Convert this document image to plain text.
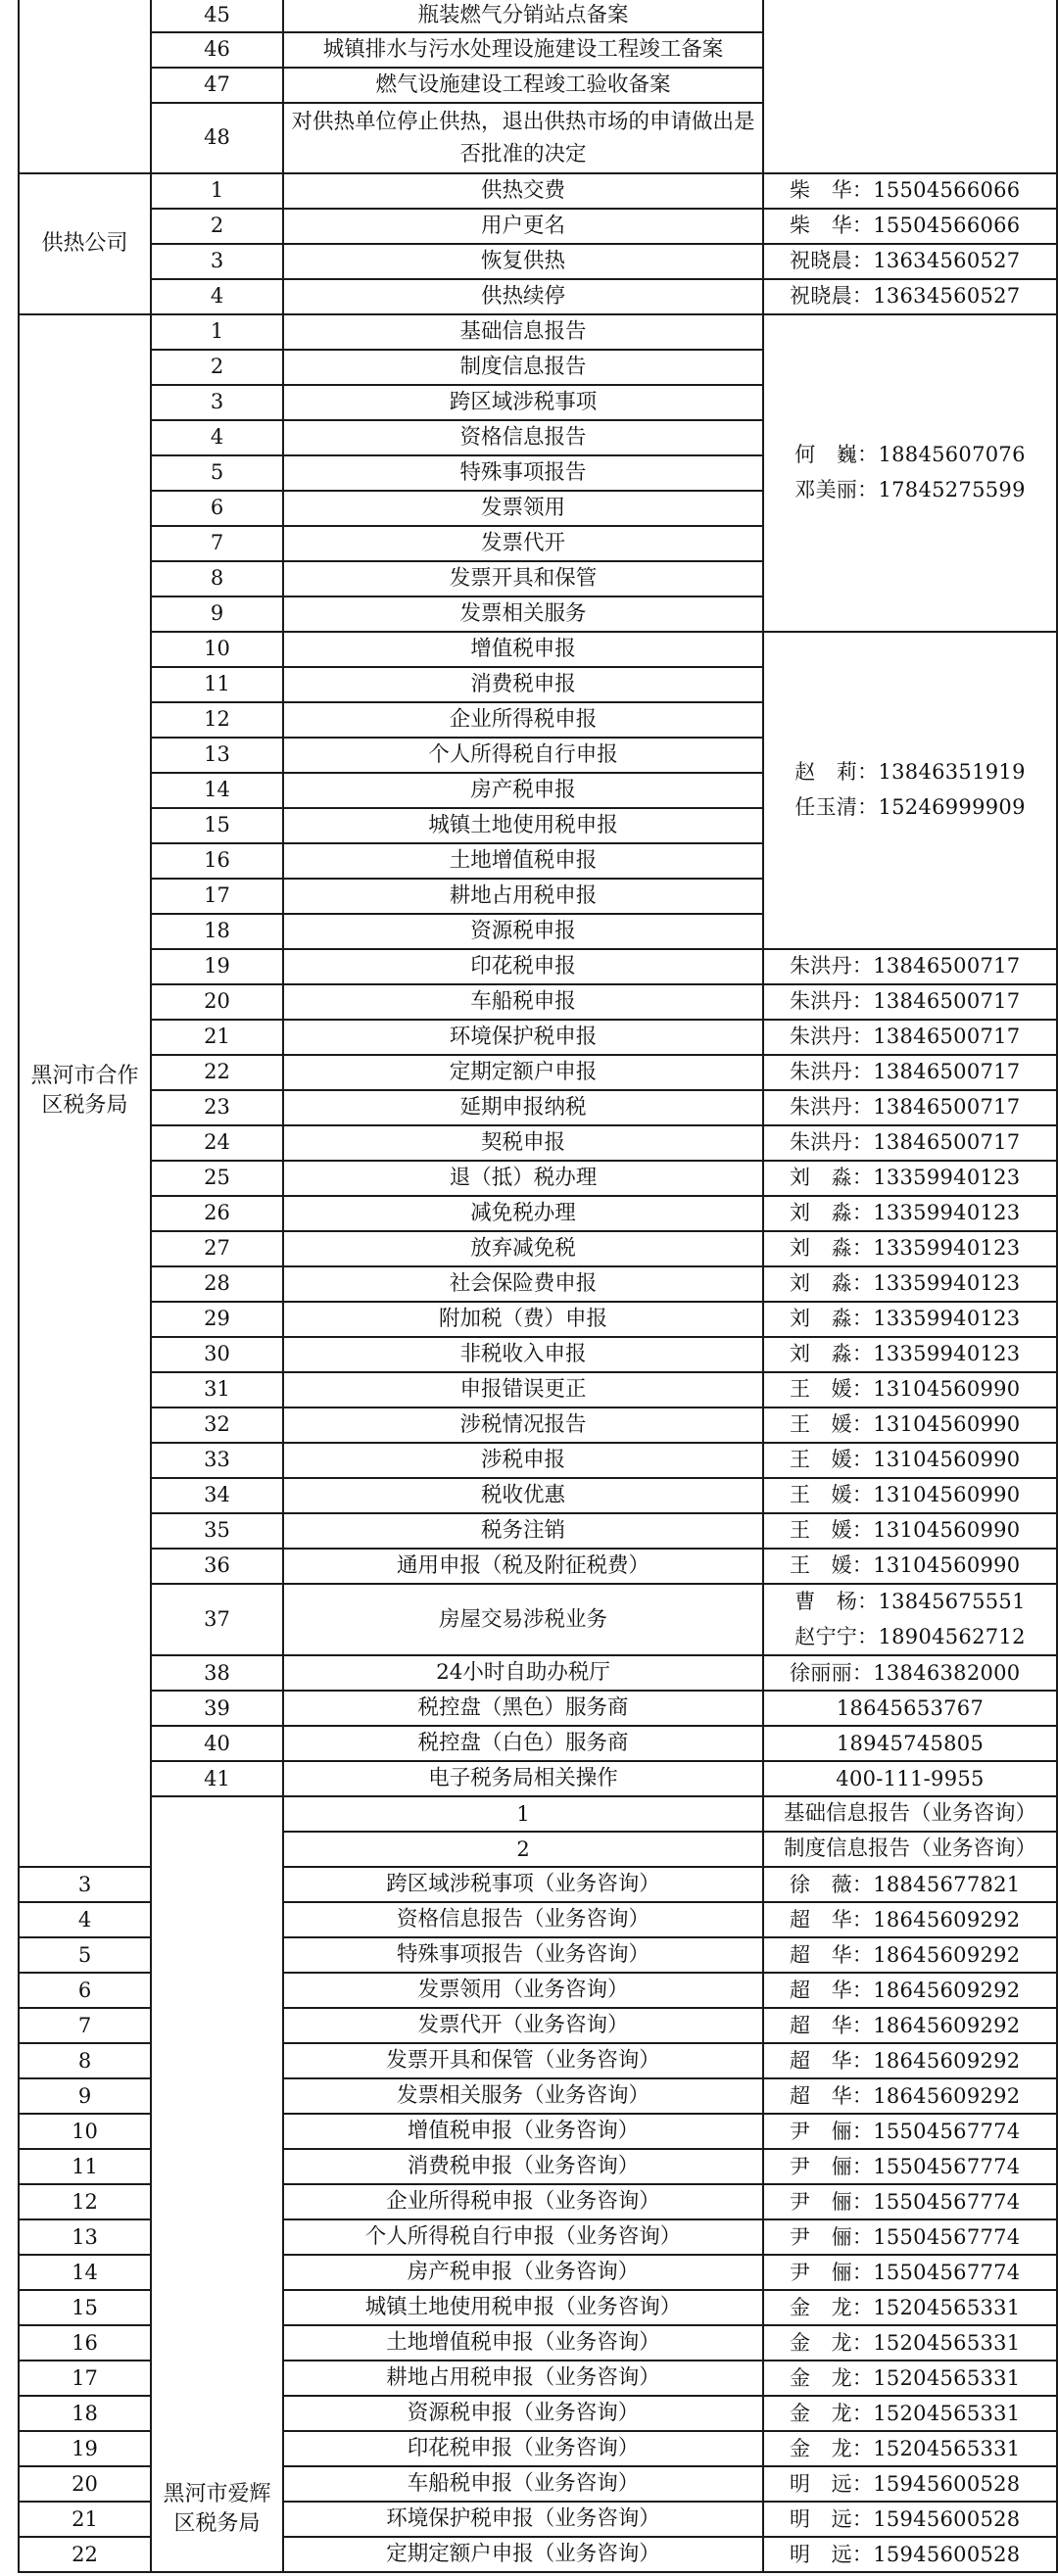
	45	瓶装燃气分销站点备案		
	46	城镇排水与污水处理设施建设工程竣工备案		
	47	燃气设施建设工程竣工验收备案		
	48	对供热单位停止供热，退出供热市场的申请做出是否批准的决定		
供热公司	1	供热交费	柴　华：15504566066	
	2	用户更名	柴　华：15504566066	
	3	恢复供热	祝晓晨：13634560527	
	4	供热续停	祝晓晨：13634560527	
黑河市合作区税务局	1	基础信息报告	何　巍：18845607076
邓美丽：17845275599	

	2	制度信息报告		
	3	跨区域涉税事项		
	4	资格信息报告		
	5	特殊事项报告		
	6	发票领用		
	7	发票代开		
	8	发票开具和保管		
	9	发票相关服务		
	10	增值税申报	赵　莉：13846351919
任玉清：15246999909	

	11	消费税申报		
	12	企业所得税申报		
	13	个人所得税自行申报		
	14	房产税申报		
	15	城镇土地使用税申报		
	16	土地增值税申报		
	17	耕地占用税申报		
	18	资源税申报		
	19	印花税申报	朱洪丹：13846500717	
	20	车船税申报	朱洪丹：13846500717	
	21	环境保护税申报	朱洪丹：13846500717	
	22	定期定额户申报	朱洪丹：13846500717	
	23	延期申报纳税	朱洪丹：13846500717	
	24	契税申报	朱洪丹：13846500717	
	25	退（抵）税办理	刘　淼：13359940123	
	26	减免税办理	刘　淼：13359940123	
	27	放弃减免税	刘　淼：13359940123	
	28	社会保险费申报	刘　淼：13359940123	
	29	附加税（费）申报	刘　淼：13359940123	
	30	非税收入申报	刘　淼：13359940123	
	31	申报错误更正	王　媛：13104560990	
	32	涉税情况报告	王　媛：13104560990	
	33	涉税申报	王　媛：13104560990	
	34	税收优惠	王　媛：13104560990	
	35	税务注销	王　媛：13104560990	
	36	通用申报（税及附征税费）	王　媛：13104560990	
	37	房屋交易涉税业务	曹　杨：13845675551
赵宁宁：18904562712	

	38	24小时自助办税厅	徐丽丽：13846382000	
	39	税控盘（黑色）服务商	18645653767	
	40	税控盘（白色）服务商	18945745805	
	41	电子税务局相关操作	400-111-9955	
	黑河市爱辉区税务局	1	基础信息报告（业务咨询）	
		2	制度信息报告（业务咨询）	
3		跨区域涉税事项（业务咨询）	徐　薇：18845677821	
4		资格信息报告（业务咨询）	超　华：18645609292	
5		特殊事项报告（业务咨询）	超　华：18645609292	
6		发票领用（业务咨询）	超　华：18645609292	
7		发票代开（业务咨询）	超　华：18645609292	
8		发票开具和保管（业务咨询）	超　华：18645609292	
9		发票相关服务（业务咨询）	超　华：18645609292	
10		增值税申报（业务咨询）	尹　俪：15504567774	
11		消费税申报（业务咨询）	尹　俪：15504567774	
12		企业所得税申报（业务咨询）	尹　俪：15504567774	
13		个人所得税自行申报（业务咨询）	尹　俪：15504567774	
14		房产税申报（业务咨询）	尹　俪：15504567774	
15		城镇土地使用税申报（业务咨询）	金　龙：15204565331	
16		土地增值税申报（业务咨询）	金　龙：15204565331	
17		耕地占用税申报（业务咨询）	金　龙：15204565331	
18		资源税申报（业务咨询）	金　龙：15204565331	
19		印花税申报（业务咨询）	金　龙：15204565331	
20		车船税申报（业务咨询）	明　远：15945600528	
21		环境保护税申报（业务咨询）	明　远：15945600528	
22		定期定额户申报（业务咨询）	明　远：15945600528	
